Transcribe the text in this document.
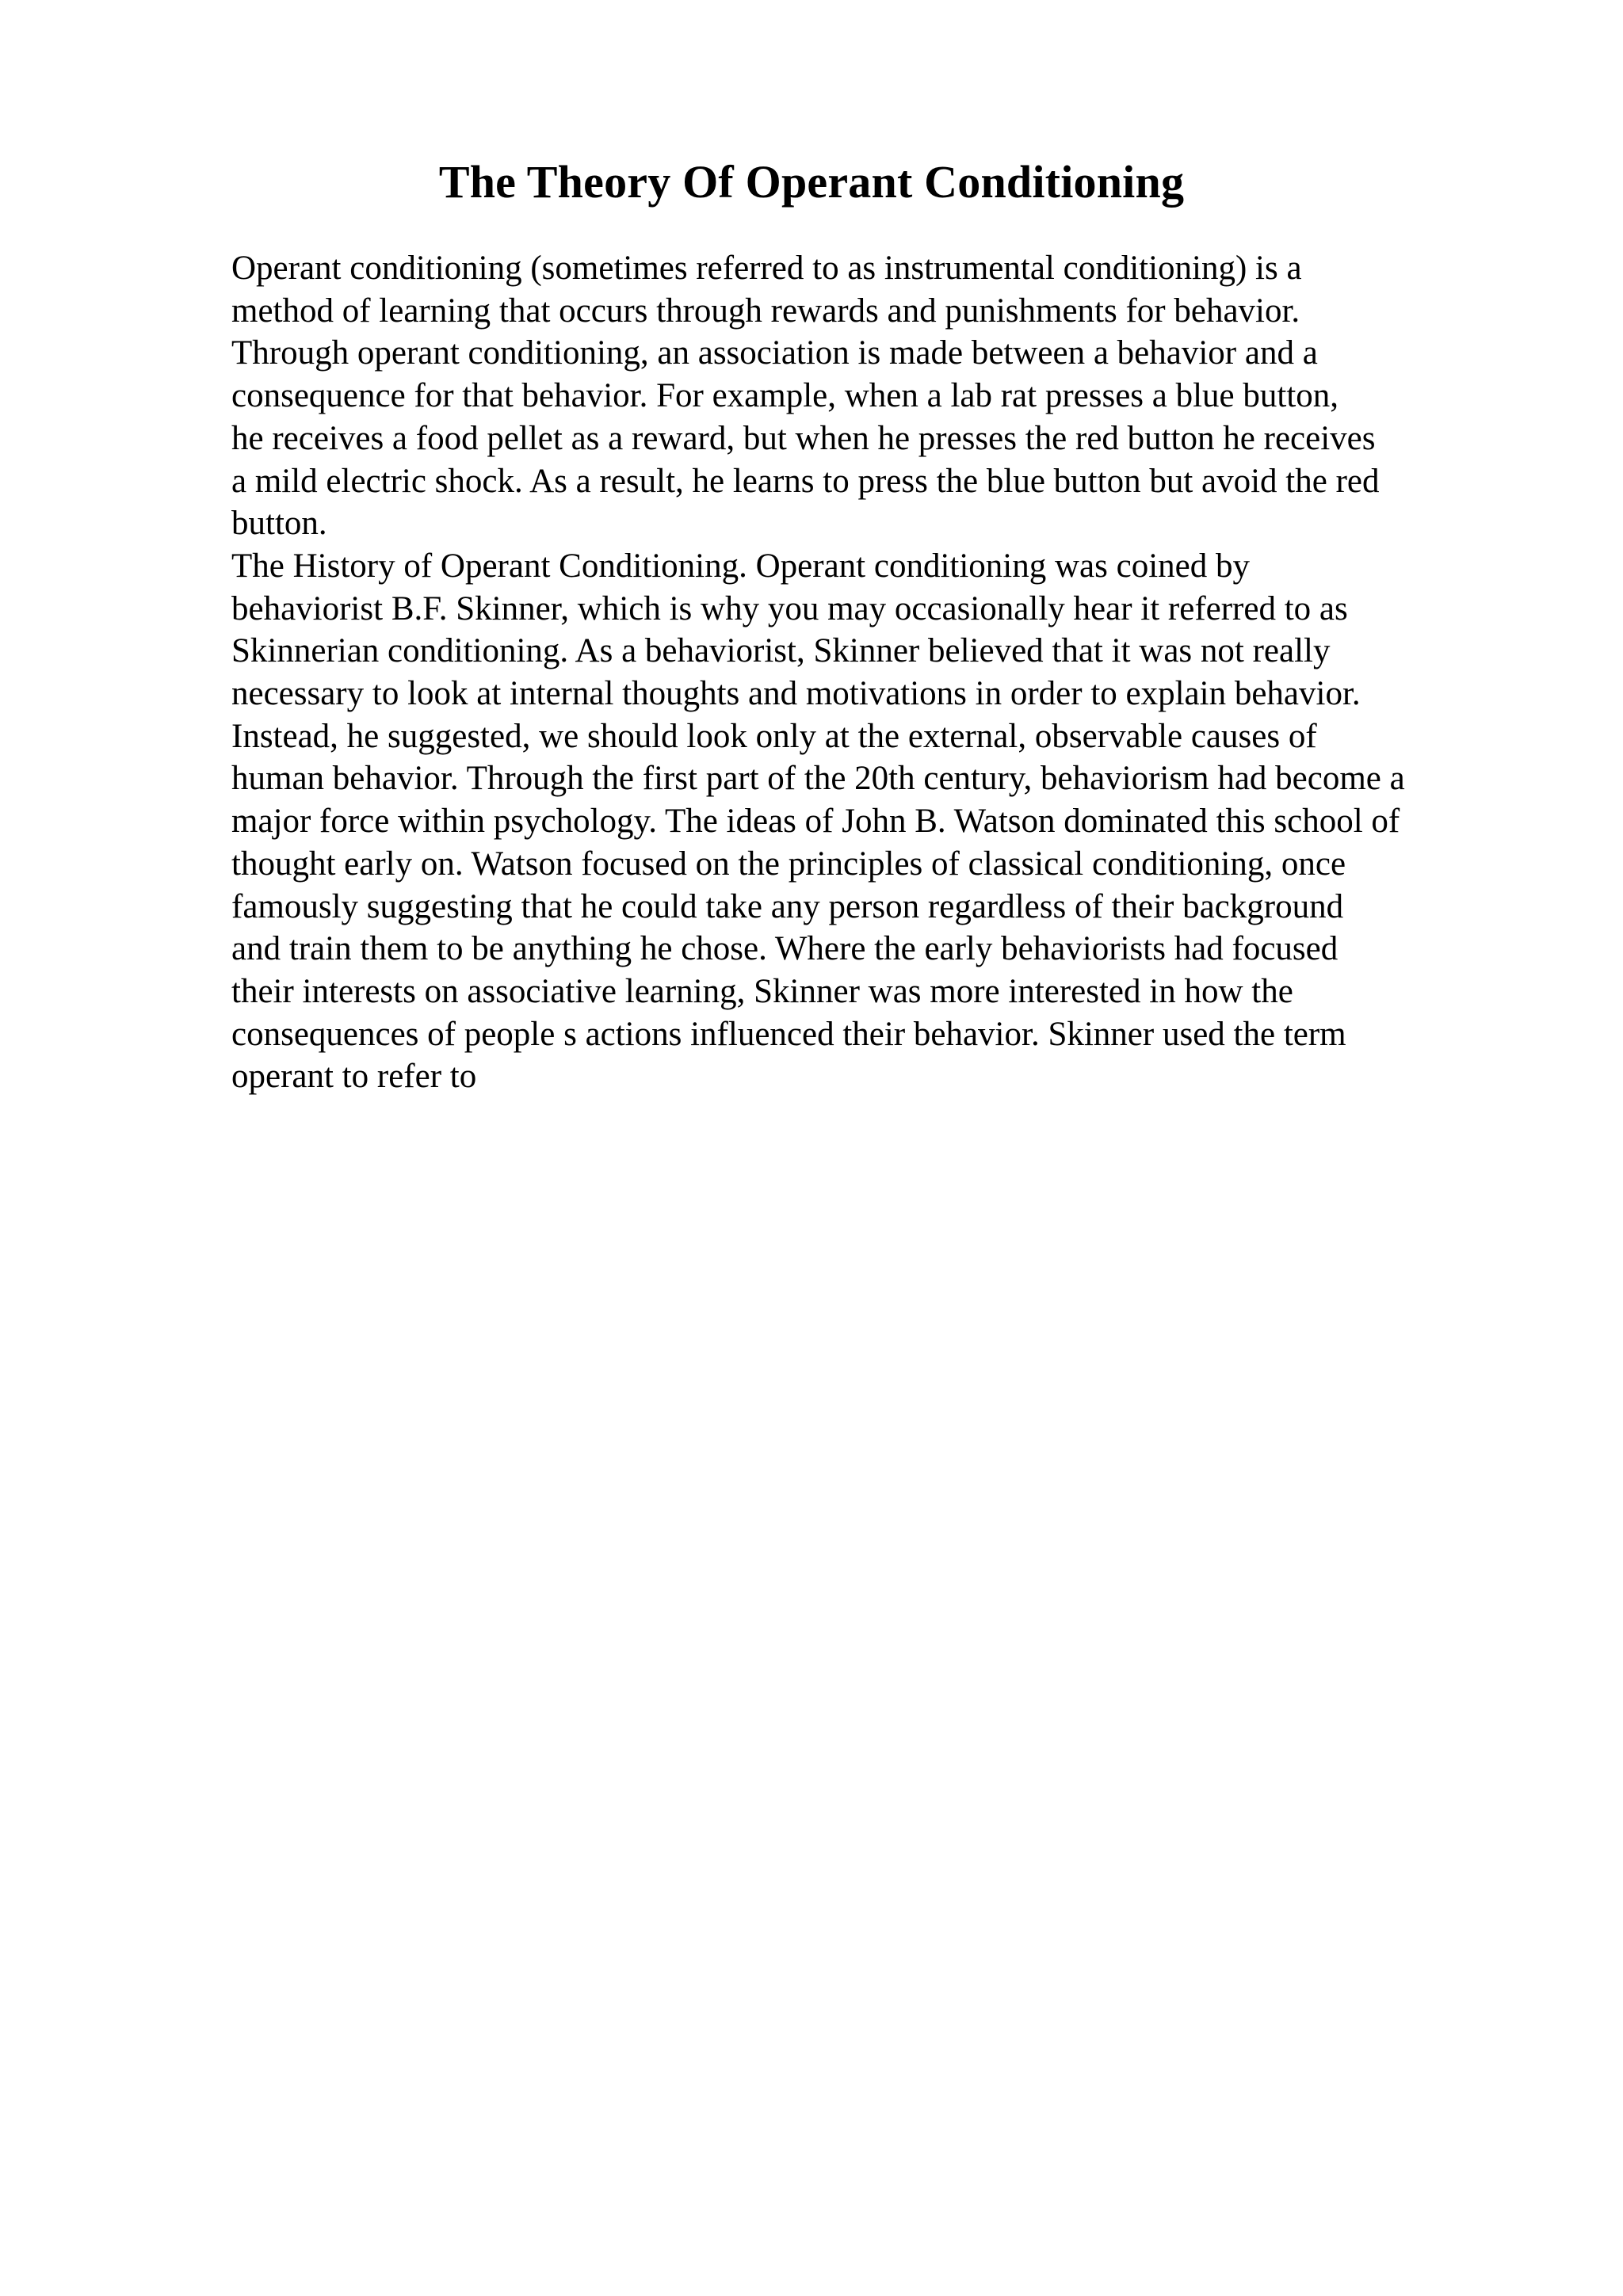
The Theory Of Operant Conditioning
Operant conditioning (sometimes referred to as instrumental conditioning) is a
method of learning that occurs through rewards and punishments for behavior.
Through operant conditioning, an association is made between a behavior and a
consequence for that behavior. For example, when a lab rat presses a blue button,
he receives a food pellet as a reward, but when he presses the red button he receives
a mild electric shock. As a result, he learns to press the blue button but avoid the red
button.
The History of Operant Conditioning. Operant conditioning was coined by
behaviorist B.F. Skinner, which is why you may occasionally hear it referred to as
Skinnerian conditioning. As a behaviorist, Skinner believed that it was not really
necessary to look at internal thoughts and motivations in order to explain behavior.
Instead, he suggested, we should look only at the external, observable causes of
human behavior. Through the first part of the 20th century, behaviorism had become a
major force within psychology. The ideas of John B. Watson dominated this school of
thought early on. Watson focused on the principles of classical conditioning, once
famously suggesting that he could take any person regardless of their background
and train them to be anything he chose. Where the early behaviorists had focused
their interests on associative learning, Skinner was more interested in how the
consequences of people s actions influenced their behavior. Skinner used the term
operant to refer to
